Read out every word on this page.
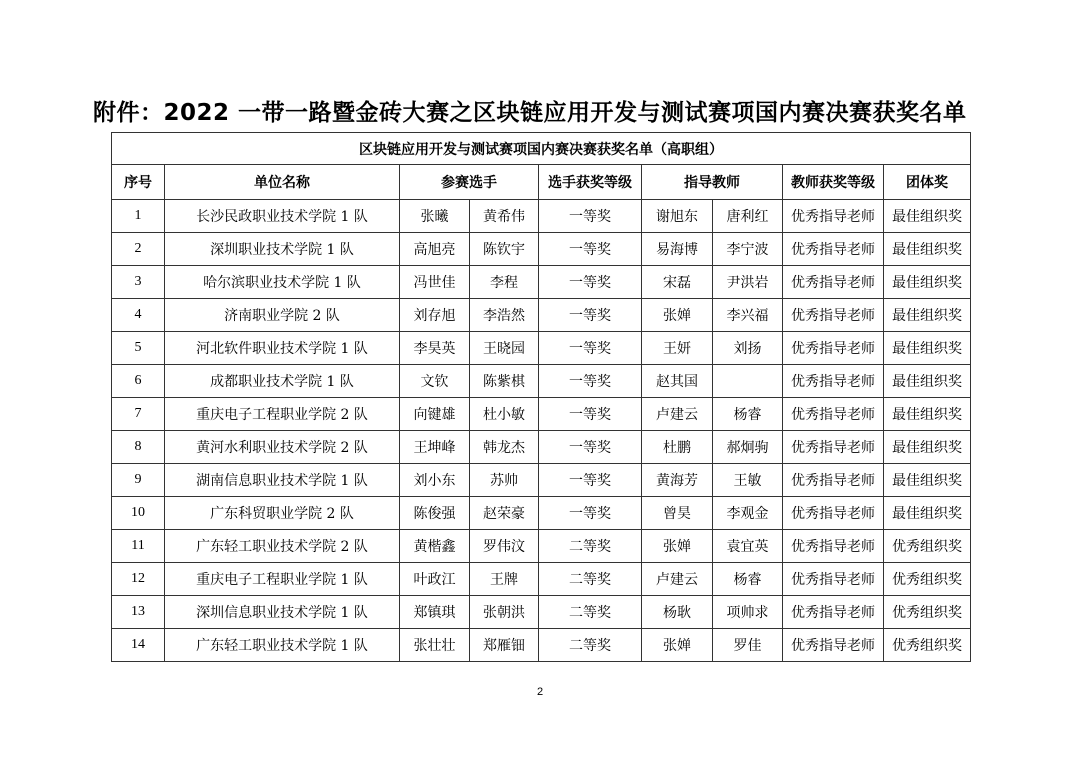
附件：2022 一带一路暨金砖大赛之区块链应用开发与测试赛项国内赛决赛获奖名单
区块链应用开发与测试赛项国内赛决赛获奖名单（高职组）								
序号	单位名称	参赛选手		选手获奖等级	指导教师		教师获奖等级	团体奖
1	长沙民政职业技术学院 1 队	张曦	黄希伟	一等奖	谢旭东	唐利红	优秀指导老师	最佳组织奖
2	深圳职业技术学院 1 队	高旭亮	陈钦宇	一等奖	易海博	李宁波	优秀指导老师	最佳组织奖
3	哈尔滨职业技术学院 1 队	冯世佳	李程	一等奖	宋磊	尹洪岩	优秀指导老师	最佳组织奖
4	济南职业学院 2 队	刘存旭	李浩然	一等奖	张婵	李兴福	优秀指导老师	最佳组织奖
5	河北软件职业技术学院 1 队	李昊英	王晓园	一等奖	王妍	刘扬	优秀指导老师	最佳组织奖
6	成都职业技术学院 1 队	文钦	陈紫棋	一等奖	赵其国		优秀指导老师	最佳组织奖
7	重庆电子工程职业学院 2 队	向键雄	杜小敏	一等奖	卢建云	杨睿	优秀指导老师	最佳组织奖
8	黄河水利职业技术学院 2 队	王坤峰	韩龙杰	一等奖	杜鹏	郝炯驹	优秀指导老师	最佳组织奖
9	湖南信息职业技术学院 1 队	刘小东	苏帅	一等奖	黄海芳	王敏	优秀指导老师	最佳组织奖
10	广东科贸职业学院 2 队	陈俊强	赵荣豪	一等奖	曾昊	李观金	优秀指导老师	最佳组织奖
11	广东轻工职业技术学院 2 队	黄楷鑫	罗伟汶	二等奖	张婵	袁宜英	优秀指导老师	优秀组织奖
12	重庆电子工程职业学院 1 队	叶政江	王牌	二等奖	卢建云	杨睿	优秀指导老师	优秀组织奖
13	深圳信息职业技术学院 1 队	郑镇琪	张朝洪	二等奖	杨耿	项帅求	优秀指导老师	优秀组织奖
14	广东轻工职业技术学院 1 队	张壮壮	郑雁钿	二等奖	张婵	罗佳	优秀指导老师	优秀组织奖
2
